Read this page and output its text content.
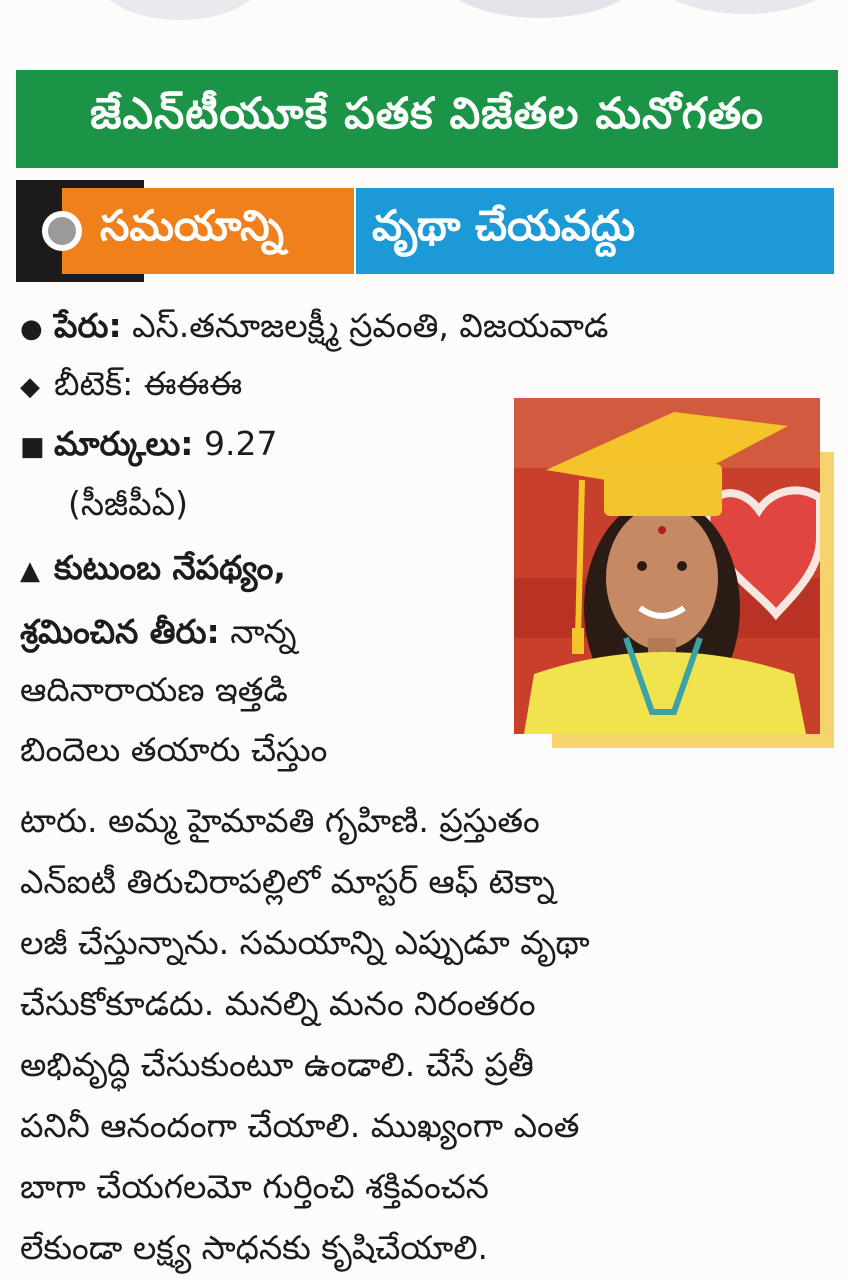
జేఎన్‌టీయూకే పతక విజేతల మనోగతం
సమయాన్ని వృథా చేయవద్దు
● పేరు: ఎస్‌.తనూజలక్ష్మీ స్రవంతి, విజయవాడ
◆ బీటెక్‌: ఈఈఈ
■ మార్కులు: 9.27
(సీజీపీఏ)
▲ కుటుంబ నేపథ్యం,
శ్రమించిన తీరు: నాన్న
ఆదినారాయణ ఇత్తడి
బిందెలు తయారు చేస్తుం
టారు. అమ్మ హైమావతి గృహిణి. ప్రస్తుతం
ఎన్‌ఐటీ తిరుచిరాపల్లిలో మాస్టర్‌ ఆఫ్‌ టెక్నా
లజీ చేస్తున్నాను. సమయాన్ని ఎప్పుడూ వృథా
చేసుకోకూడదు. మనల్ని మనం నిరంతరం
అభివృద్ధి చేసుకుంటూ ఉండాలి. చేసే ప్రతీ
పనినీ ఆనందంగా చేయాలి. ముఖ్యంగా ఎంత
బాగా చేయగలమో గుర్తించి శక్తివంచన
లేకుండా లక్ష్య సాధనకు కృషిచేయాలి.
